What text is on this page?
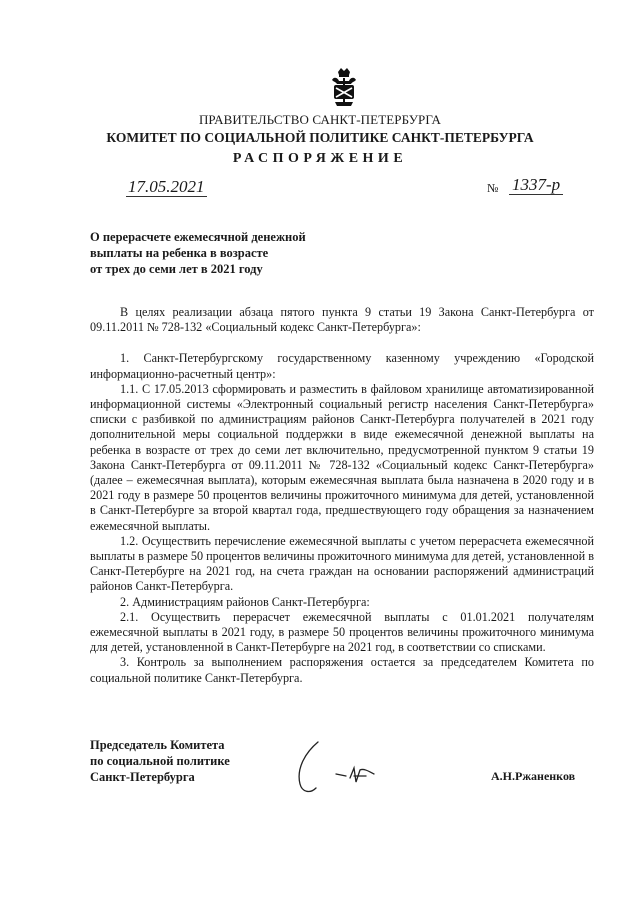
ПРАВИТЕЛЬСТВО САНКТ-ПЕТЕРБУРГА
КОМИТЕТ ПО СОЦИАЛЬНОЙ ПОЛИТИКЕ САНКТ-ПЕТЕРБУРГА
РАСПОРЯЖЕНИЕ
17.05.2021	№ 1337-р
О перерасчете ежемесячной денежной
выплаты на ребенка в возрасте
от трех до семи лет в 2021 году

В целях реализации абзаца пятого пункта 9 статьи 19 Закона Санкт-Петербурга от 09.11.2011 № 728-132 «Социальный кодекс Санкт-Петербурга»:

1. Санкт-Петербургскому государственному казенному учреждению «Городской информационно-расчетный центр»:

1.1. С 17.05.2013 сформировать и разместить в файловом хранилище автоматизированной информационной системы «Электронный социальный регистр населения Санкт-Петербурга» списки с разбивкой по администрациям районов Санкт-Петербурга получателей в 2021 году дополнительной меры социальной поддержки в виде ежемесячной денежной выплаты на ребенка в возрасте от трех до семи лет включительно, предусмотренной пунктом 9 статьи 19 Закона Санкт-Петербурга от 09.11.2011 № 728-132 «Социальный кодекс Санкт-Петербурга» (далее – ежемесячная выплата), которым ежемесячная выплата была назначена в 2020 году и в 2021 году в размере 50 процентов величины прожиточного минимума для детей, установленной в Санкт-Петербурге за второй квартал года, предшествующего году обращения за назначением ежемесячной выплаты.

1.2. Осуществить перечисление ежемесячной выплаты с учетом перерасчета ежемесячной выплаты в размере 50 процентов величины прожиточного минимума для детей, установленной в Санкт-Петербурге на 2021 год, на счета граждан на основании распоряжений администраций районов Санкт-Петербурга.

2. Администрациям районов Санкт-Петербурга:

2.1. Осуществить перерасчет ежемесячной выплаты с 01.01.2021 получателям ежемесячной выплаты в 2021 году, в размере 50 процентов величины прожиточного минимума для детей, установленной в Санкт-Петербурге на 2021 год, в соответствии со списками.

3. Контроль за выполнением распоряжения остается за председателем Комитета по социальной политике Санкт-Петербурга.

Председатель Комитета
по социальной политике
Санкт-Петербурга	А.Н.Ржаненков
